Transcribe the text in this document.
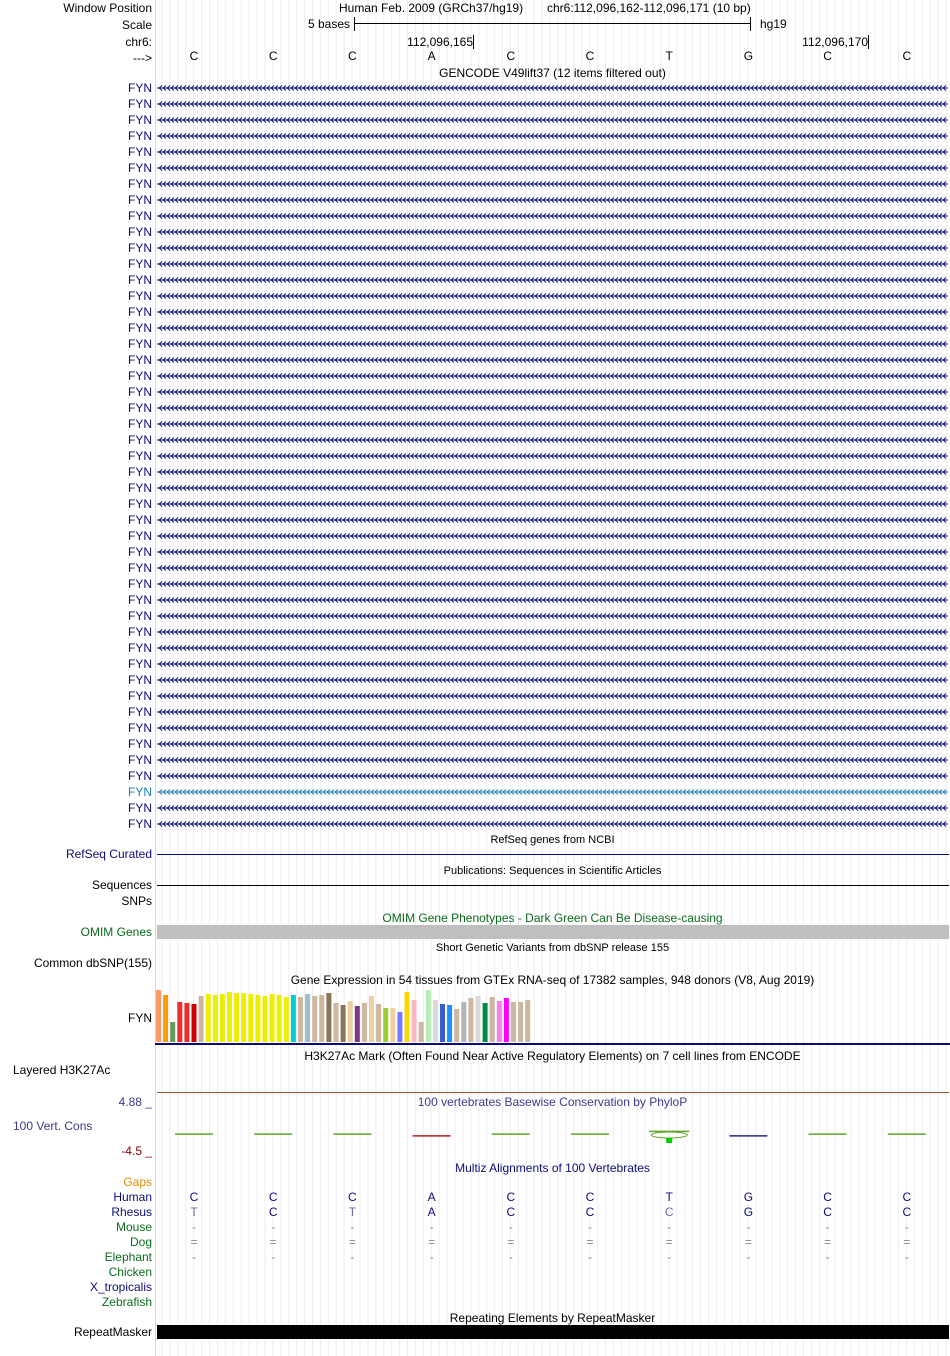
Window Position	Human Feb. 2009 (GRCh37/hg19) chr6:112,096,162-112,096,171 (10 bp)
Scale	5 bases	hg19
chr6:	112,096,165	112,096,170
--->	C	C	C	A	C	C	T	G	C	C
GENCODE V49lift37 (12 items filtered out)
FYN
FYN
FYN
FYN
FYN
FYN
FYN
FYN
FYN
FYN
FYN
FYN
FYN
FYN
FYN
FYN
FYN
FYN
FYN
FYN
FYN
FYN
FYN
FYN
FYN
FYN
FYN
FYN
FYN
FYN
FYN
FYN
FYN
FYN
FYN
FYN
FYN
FYN
FYN
FYN
FYN
FYN
FYN
FYN
FYN
FYN
FYN
RefSeq genes from NCBI
RefSeq Curated
Publications: Sequences in Scientific Articles
Sequences
SNPs
OMIM Gene Phenotypes - Dark Green Can Be Disease-causing
OMIM Genes
Short Genetic Variants from dbSNP release 155
Common dbSNP(155)
Gene Expression in 54 tissues from GTEx RNA-seq of 17382 samples, 948 donors (V8, Aug 2019)
FYN
H3K27Ac Mark (Often Found Near Active Regulatory Elements) on 7 cell lines from ENCODE
Layered H3K27Ac
100 vertebrates Basewise Conservation by PhyloP
4.88 _
100 Vert. Cons
-4.5 _
Multiz Alignments of 100 Vertebrates
Gaps
Human	C	C	C	A	C	C	T	G	C	C
Rhesus	T	C	T	A	C	C	C	G	C	C
Mouse	-	-	-	-	-	-	-	-	-	-
Dog	=	=	=	=	=	=	=	=	=	=
Elephant	-	-	-	-	-	-	-	-	-	-
Chicken
X_tropicalis
Zebrafish
Repeating Elements by RepeatMasker
RepeatMasker
